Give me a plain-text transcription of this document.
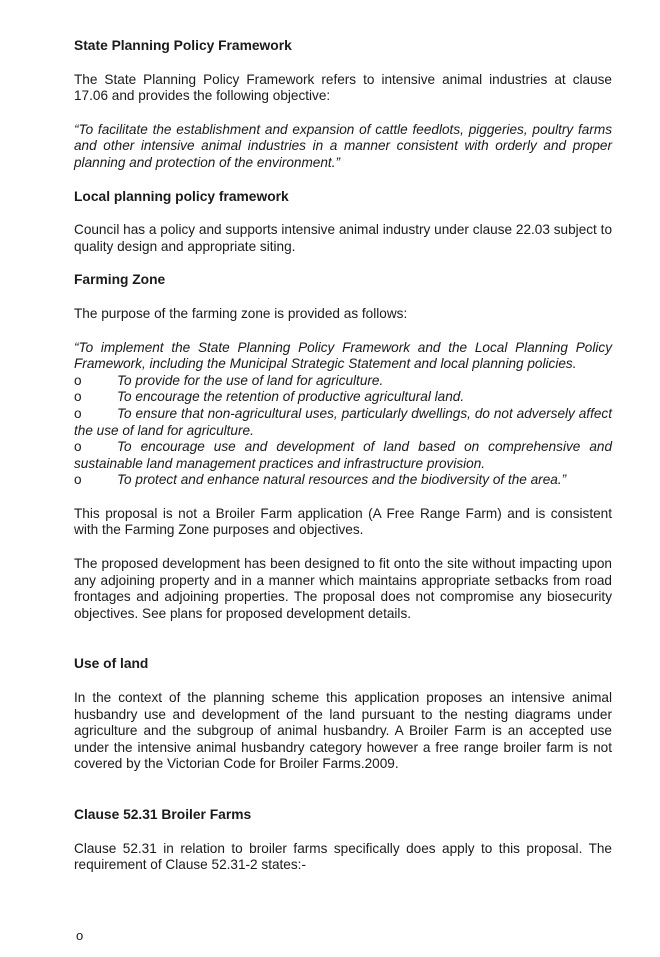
State Planning Policy Framework

The State Planning Policy Framework refers to intensive animal industries at clause 17.06 and provides the following objective:

“To facilitate the establishment and expansion of cattle feedlots, piggeries, poultry farms and other intensive animal industries in a manner consistent with orderly and proper planning and protection of the environment.”

Local planning policy framework

Council has a policy and supports intensive animal industry under clause 22.03 subject to quality design and appropriate siting.

Farming Zone

The purpose of the farming zone is provided as follows:

“To implement the State Planning Policy Framework and the Local Planning Policy Framework, including the Municipal Strategic Statement and local planning policies.

o	To provide for the use of land for agriculture.
o	To encourage the retention of productive agricultural land.
o	To ensure that non-agricultural uses, particularly dwellings, do not adversely affect the use of land for agriculture.
o	To encourage use and development of land based on comprehensive and sustainable land management practices and infrastructure provision.
o	To protect and enhance natural resources and the biodiversity of the area.”

This proposal is not a Broiler Farm application (A Free Range Farm) and is consistent with the Farming Zone purposes and objectives.

The proposed development has been designed to fit onto the site without impacting upon any adjoining property and in a manner which maintains appropriate setbacks from road frontages and adjoining properties. The proposal does not compromise any biosecurity objectives. See plans for proposed development details.

Use of land

In the context of the planning scheme this application proposes an intensive animal husbandry use and development of the land pursuant to the nesting diagrams under agriculture and the subgroup of animal husbandry. A Broiler Farm is an accepted use under the intensive animal husbandry category however a free range broiler farm is not covered by the Victorian Code for Broiler Farms.2009.

Clause 52.31 Broiler Farms

Clause 52.31 in relation to broiler farms specifically does apply to this proposal. The requirement of Clause 52.31-2 states:-

o
